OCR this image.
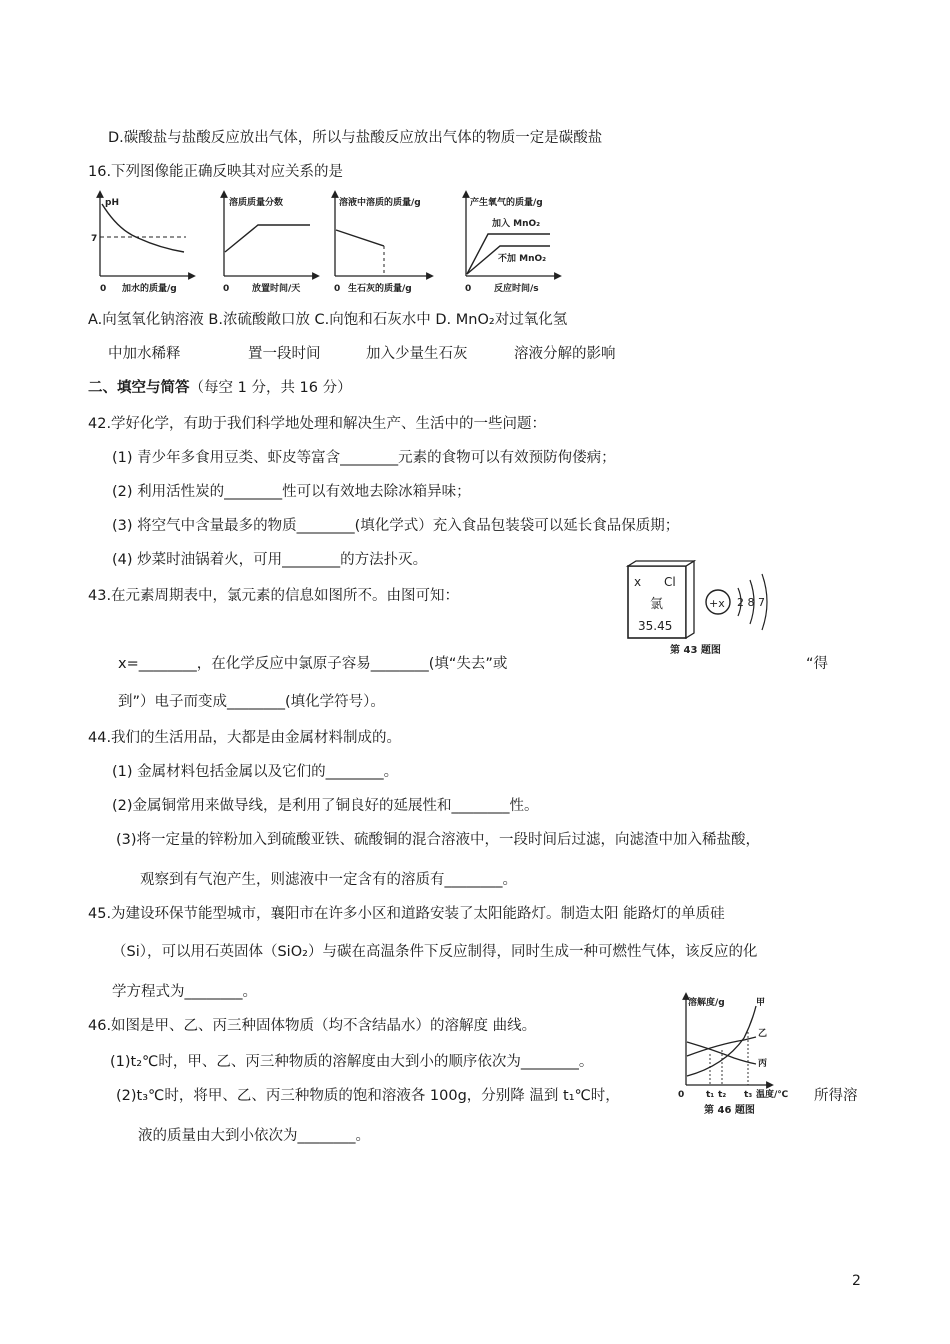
D.碳酸盐与盐酸反应放出气体，所以与盐酸反应放出气体的物质一定是碳酸盐
16.下列图像能正确反映其对应关系的是
pH
7
0 加水的质量/g
溶质质量分数
0	放置时间/天
溶液中溶质的质量/g
0 生石灰的质量/g
产生氧气的质量/g
加入 MnO₂
不加 MnO₂
0	反应时间/s
A.向氢氧化钠溶液 B.浓硫酸敞口放 C.向饱和石灰水中 D. MnO₂对过氧化氢
中加水稀释	置一段时间	加入少量生石灰	溶液分解的影响
二、填空与简答（每空 1 分，共 16 分）
42.学好化学，有助于我们科学地处理和解决生产、生活中的一些问题：
(1) 青少年多食用豆类、虾皮等富含________元素的食物可以有效预防佝偻病；
(2) 利用活性炭的________性可以有效地去除冰箱异味；
(3) 将空气中含量最多的物质________(填化学式）充入食品包装袋可以延长食品保质期；
(4) 炒菜时油锅着火，可用________的方法扑灭。
43.在元素周期表中，氯元素的信息如图所不。由图可知：
x=________，在化学反应中氯原子容易________(填“失去”或	“得
到”）电子而变成________(填化学符号）。
x Cl
氯
35.45
+x 2 8 7
第 43 题图
44.我们的生活用品，大都是由金属材料制成的。
(1) 金属材料包括金属以及它们的________。
(2)金属铜常用来做导线，是利用了铜良好的延展性和________性。
(3)将一定量的锌粉加入到硫酸亚铁、硫酸铜的混合溶液中，一段时间后过滤，向滤渣中加入稀盐酸，
观察到有气泡产生，则滤液中一定含有的溶质有________。
45.为建设环保节能型城市，襄阳市在许多小区和道路安装了太阳能路灯。制造太阳 能路灯的单质硅
（Si），可以用石英固体（SiO₂）与碳在高温条件下反应制得，同时生成一种可燃性气体，该反应的化
学方程式为________。
46.如图是甲、乙、丙三种固体物质（均不含结晶水）的溶解度 曲线。
(1)t₂℃时，甲、乙、丙三种物质的溶解度由大到小的顺序依次为________。
(2)t₃℃时，将甲、乙、丙三种物质的饱和溶液各 100g，分别降 温到 t₁℃时，	所得溶
液的质量由大到小依次为________。
溶解度/g	甲
乙
丙
0 t₁ t₂ t₃ 温度/℃
第 46 题图
2
